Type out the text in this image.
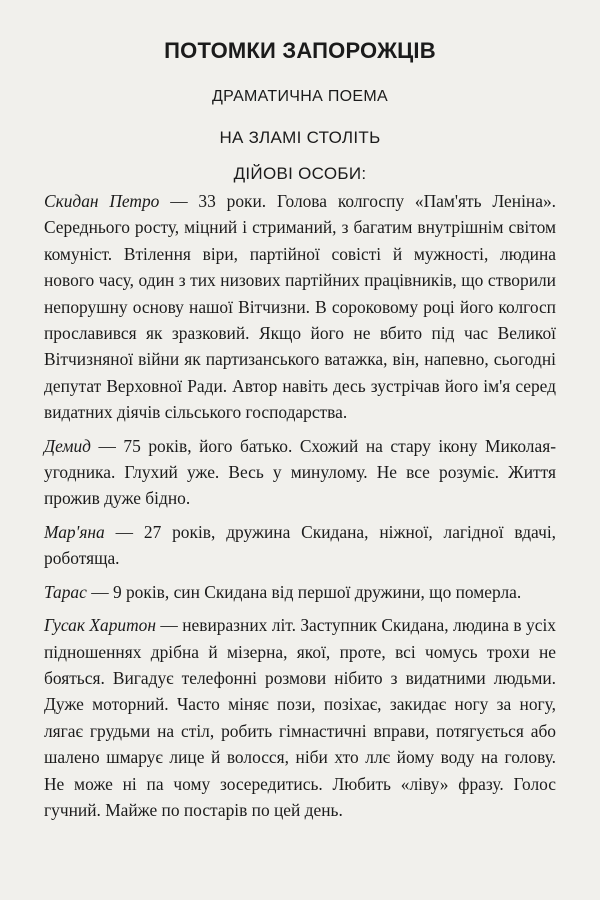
ПОТОМКИ ЗАПОРОЖЦІВ
ДРАМАТИЧНА ПОЕМА
НА ЗЛАМІ СТОЛІТЬ
ДІЙОВІ ОСОБИ:

Скидан Петро — 33 роки. Голова колгоспу «Пам'ять Леніна». Середнього росту, міцний і стриманий, з багатим внутрішнім світом комуніст. Втілення віри, партійної совісті й мужності, людина нового часу, один з тих низових партійних працівників, що створили непорушну основу нашої Вітчизни. В сороковому році його колгосп прославився як зразковий. Якщо його не вбито під час Великої Вітчизняної війни як партизанського ватажка, він, напевно, сьогодні депутат Верховної Ради. Автор навіть десь зустрічав його ім'я серед видатних діячів сільського господарства.

Демид — 75 років, його батько. Схожий на стару ікону Миколая-угодника. Глухий уже. Весь у минулому. Не все розуміє. Життя прожив дуже бідно.

Мар'яна — 27 років, дружина Скидана, ніжної, лагідної вдачі, роботяща.

Тарас — 9 років, син Скидана від першої дружини, що померла.

Гусак Харитон — невиразних літ. Заступник Скидана, людина в усіх підношеннях дрібна й мізерна, якої, проте, всі чомусь трохи не бояться. Вигадує телефонні розмови нібито з видатними людьми. Дуже моторний. Часто міняє пози, позіхає, закидає ногу за ногу, лягає грудьми на стіл, робить гімнастичні вправи, потягується або шалено шмарує лице й волосся, ніби хто ллє йому воду на голову. Не може ні па чому зосередитись. Любить «ліву» фразу. Голос гучний. Майже по постарів по цей день.
